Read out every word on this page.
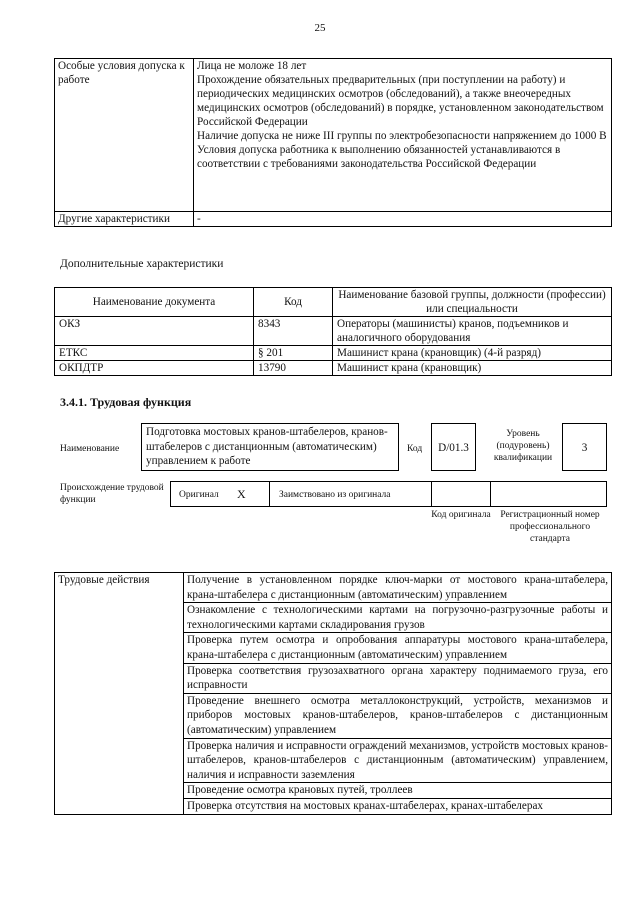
25
Особые условия допуска к работе	Лица не моложе 18 лет
Прохождение обязательных предварительных (при поступлении на работу) и периодических медицинских осмотров (обследований), а также внеочередных медицинских осмотров (обследований) в порядке, установленном законодательством Российской Федерации
Наличие допуска не ниже III группы по электробезопасности напряжением до 1000 В
Условия допуска работника к выполнению обязанностей устанавливаются в соответствии с требованиями законодательства Российской Федерации

Другие характеристики	-
Дополнительные характеристики
Наименование документа	Код	Наименование базовой группы, должности (профессии) или специальности
ОКЗ	8343	Операторы (машинисты) кранов, подъемников и аналогичного оборудования
ЕТКС	§ 201	Машинист крана (крановщик) (4-й разряд)
ОКПДТР	13790	Машинист крана (крановщик)
3.4.1. Трудовая функция
Наименование
Подготовка мостовых кранов-штабелеров, кранов-штабелеров с дистанционным (автоматическим) управлением к работе
Код	D/01.3
Уровень (подуровень) квалификации
3
Происхождение трудовой функции	Оригинал X	Заимствовано из оригинала
Код оригинала	Регистрационный номер профессионального стандарта
Трудовые действия	Получение в установленном порядке ключ-марки от мостового крана-штабелера, крана-штабелера с дистанционным (автоматическим) управлением
Ознакомление с технологическими картами на погрузочно-разгрузочные работы и технологическими картами складирования грузов
Проверка путем осмотра и опробования аппаратуры мостового крана-штабелера, крана-штабелера с дистанционным (автоматическим) управлением
Проверка соответствия грузозахватного органа характеру поднимаемого груза, его исправности
Проведение внешнего осмотра металлоконструкций, устройств, механизмов и приборов мостовых кранов-штабелеров, кранов-штабелеров с дистанционным (автоматическим) управлением
Проверка наличия и исправности ограждений механизмов, устройств мостовых кранов-штабелеров, кранов-штабелеров с дистанционным (автоматическим) управлением, наличия и исправности заземления
Проведение осмотра крановых путей, троллеев
Проверка отсутствия на мостовых кранах-штабелерах, кранах-штабелерах
